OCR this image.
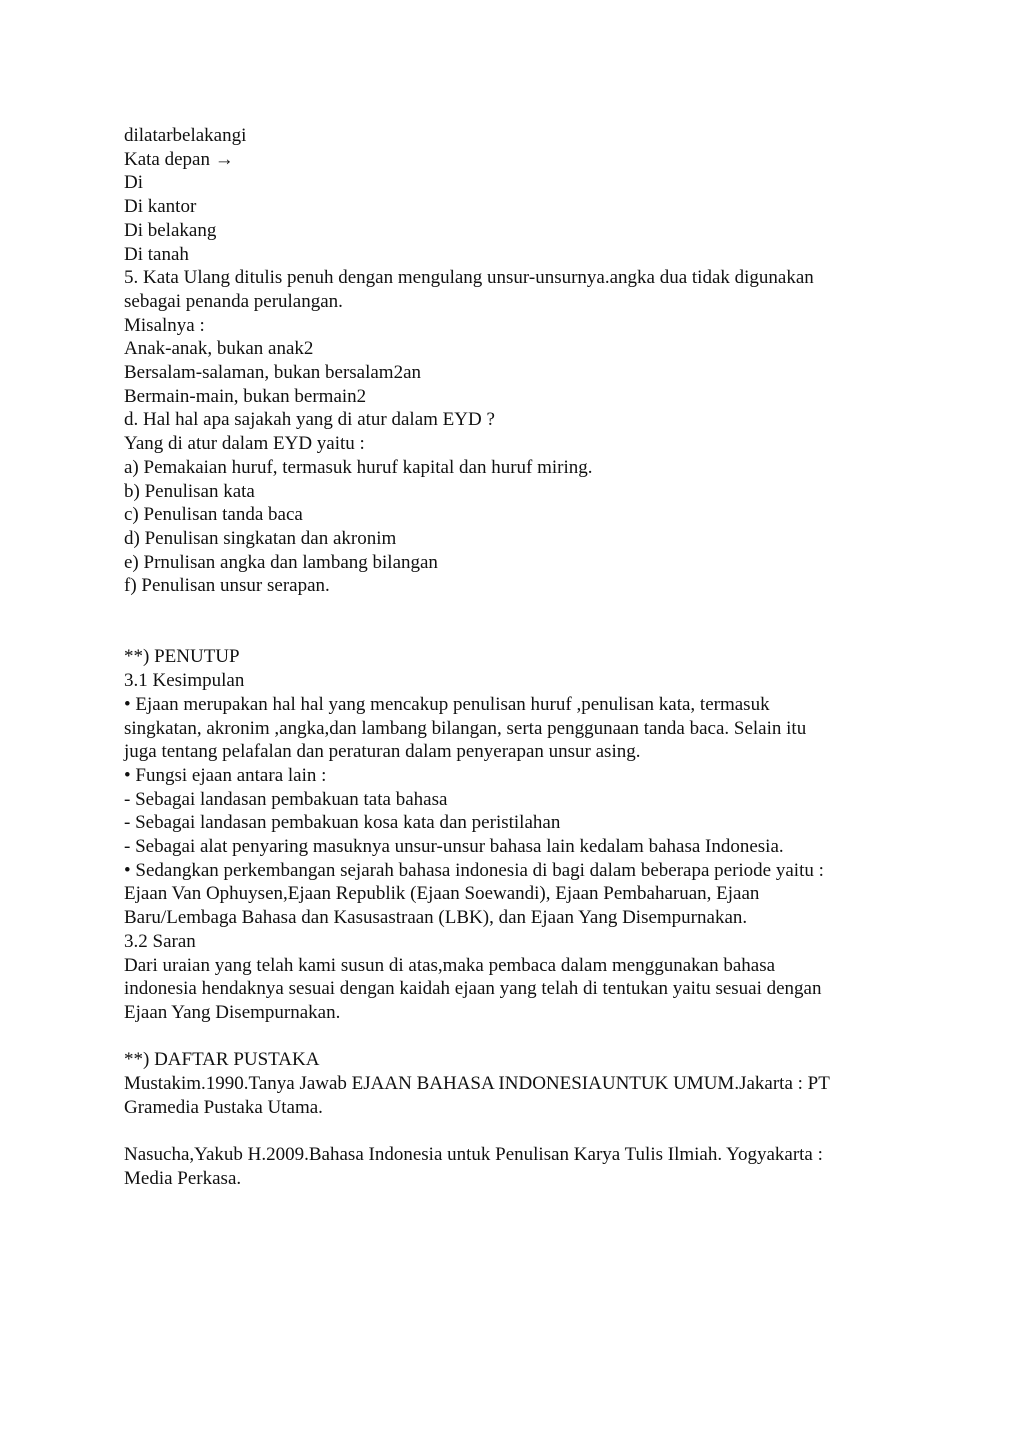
dilatarbelakangi
Kata depan →
Di
Di kantor
Di belakang
Di tanah
5. Kata Ulang ditulis penuh dengan mengulang unsur-unsurnya.angka dua tidak digunakan
sebagai penanda perulangan.
Misalnya :
Anak-anak, bukan anak2
Bersalam-salaman, bukan bersalam2an
Bermain-main, bukan bermain2
d. Hal hal apa sajakah yang di atur dalam EYD ?
Yang di atur dalam EYD yaitu :
a) Pemakaian huruf, termasuk huruf kapital dan huruf miring.
b) Penulisan kata
c) Penulisan tanda baca
d) Penulisan singkatan dan akronim
e) Prnulisan angka dan lambang bilangan
f) Penulisan unsur serapan.
**) PENUTUP
3.1 Kesimpulan
• Ejaan merupakan hal hal yang mencakup penulisan huruf ,penulisan kata, termasuk
singkatan, akronim ,angka,dan lambang bilangan, serta penggunaan tanda baca. Selain itu
juga tentang pelafalan dan peraturan dalam penyerapan unsur asing.
• Fungsi ejaan antara lain :
- Sebagai landasan pembakuan tata bahasa
- Sebagai landasan pembakuan kosa kata dan peristilahan
- Sebagai alat penyaring masuknya unsur-unsur bahasa lain kedalam bahasa Indonesia.
• Sedangkan perkembangan sejarah bahasa indonesia di bagi dalam beberapa periode yaitu :
Ejaan Van Ophuysen,Ejaan Republik (Ejaan Soewandi), Ejaan Pembaharuan, Ejaan
Baru/Lembaga Bahasa dan Kasusastraan (LBK), dan Ejaan Yang Disempurnakan.
3.2 Saran
Dari uraian yang telah kami susun di atas,maka pembaca dalam menggunakan bahasa
indonesia hendaknya sesuai dengan kaidah ejaan yang telah di tentukan yaitu sesuai dengan
Ejaan Yang Disempurnakan.
**) DAFTAR PUSTAKA
Mustakim.1990.Tanya Jawab EJAAN BAHASA INDONESIAUNTUK UMUM.Jakarta : PT
Gramedia Pustaka Utama.
Nasucha,Yakub H.2009.Bahasa Indonesia untuk Penulisan Karya Tulis Ilmiah. Yogyakarta :
Media Perkasa.
